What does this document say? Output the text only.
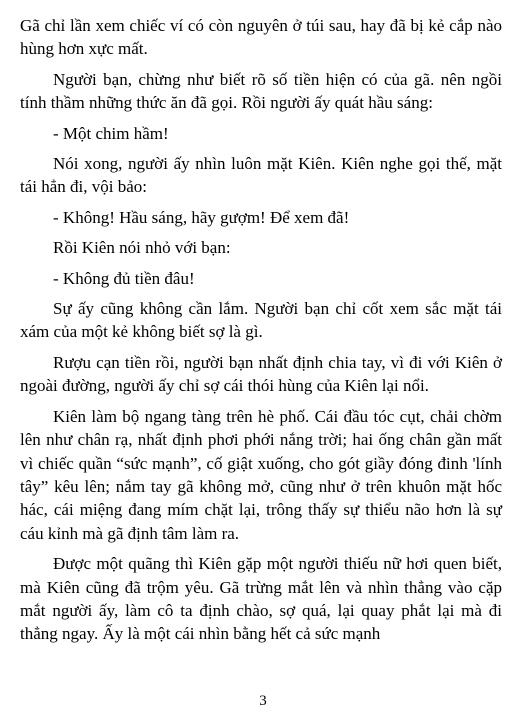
Gã chỉ lần xem chiếc ví có còn nguyên ở túi sau, hay đã bị kẻ cắp nào hùng hơn xực mất.

Người bạn, chừng như biết rõ số tiền hiện có của gã. nên ngồi tính thầm những thức ăn đã gọi. Rồi người ấy quát hầu sáng:

- Một chim hầm!

Nói xong, người ấy nhìn luôn mặt Kiên. Kiên nghe gọi thế, mặt tái hẳn đi, vội bảo:

- Không! Hầu sáng, hãy gượm! Để xem đã!

Rồi Kiên nói nhỏ với bạn:

- Không đủ tiền đâu!

Sự ấy cũng không cần lắm. Người bạn chỉ cốt xem sắc mặt tái xám của một kẻ không biết sợ là gì.

Rượu cạn tiền rồi, người bạn nhất định chia tay, vì đi với Kiên ở ngoài đường, người ấy chỉ sợ cái thói hùng của Kiên lại nổi.

Kiên làm bộ ngang tàng trên hè phố. Cái đầu tóc cụt, chải chờm lên như chân rạ, nhất định phơi phới nắng trời; hai ống chân gần mất vì chiếc quần “sức mạnh”, cố giật xuống, cho gót giầy đóng đinh 'lính tây” kêu lên; nắm tay gã không mở, cũng như ở trên khuôn mặt hốc hác, cái miệng đang mím chặt lại, trông thấy sự thiểu não hơn là sự cáu kỉnh mà gã định tâm làm ra.

Được một quãng thì Kiên gặp một người thiếu nữ hơi quen biết, mà Kiên cũng đã trộm yêu. Gã trừng mắt lên và nhìn thẳng vào cặp mắt người ấy, làm cô ta định chào, sợ quá, lại quay phắt lại mà đi thẳng ngay. Ấy là một cái nhìn bằng hết cả sức mạnh

3
